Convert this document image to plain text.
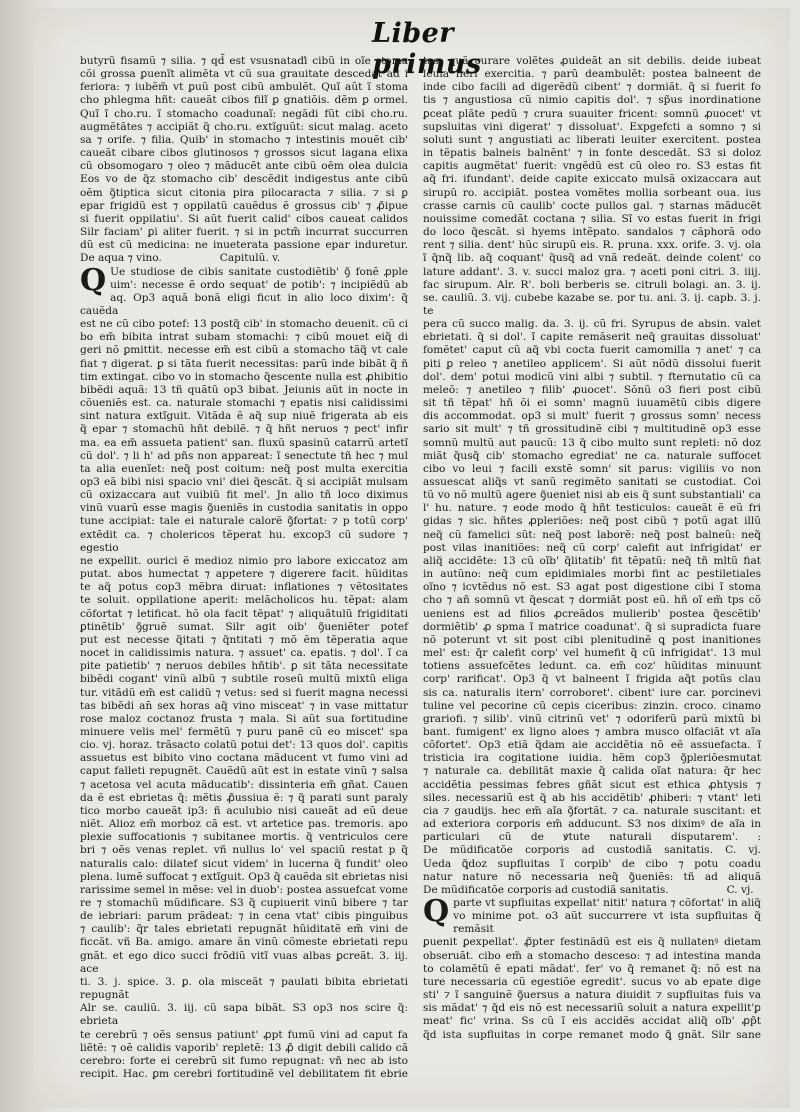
Liber primus

butyrũ fisamũ ⁊ silia. ⁊ qd̃ est vsusnataďi cibũ in oĩe stoma

cõi grossa ꝑuenĩt alimẽta vt cũ sua grauitate descedat ad i

feriora: ⁊ iubẽm̃ vt ꝑuũ post cibũ ambulẽt. Quĩ aũt ĩ stoma

cho phlegma hñt: caueãt cibos filĩ ꝑ gnatiõis. dẽm ꝑ ormel.

Quĩ ĩ cho.ru. ĩ stomacho coadunaĩ: negãdi fũt cibi cho.ru.

augmẽtãtes ⁊ accipiãt q̃ cho.ru. extĩguũt: sicut malag. aceto

sa ⁊ orife. ⁊ filia. Quib' in stomacho ⁊ intestinis mouẽt cib'

caueãt cibare cibos glutinosos ⁊ grossos sicut lagana elixa

cũ obsomogaro ⁊ oleo ⁊ mãducẽt ante cibũ oẽm olea dulcia

Eos vo de q̃z stomacho cib' descẽdit indigestus ante cibũ

oẽm ꝯ̃tiptica sicut citonia pira pilocaracta ⁊ silia. ⁊ si ꝑ

epar frigidũ est ⁊ oppilatũ cauẽdus ẽ grossus cib' ⁊ ꝓ̃ipue

si fuerit oppilatiu'. Si aũt fuerit calid' cibos caueat calidos

Silr faciam' ꝑi aliter fuerit. ⁊ si in pctm̃ incurrat succurren

dũ est cũ medicina: ne inueterata passione epar induretur.

De aqua ⁊ vino.	Capitulũ. v.

Q Ue studiose de cibis sanitate custodiẽtib' ꝯ̃ fonẽ ꝓple

uim': necesse ẽ ordo sequat' de potib': ⁊ incipiẽdũ ab

aq. Op3 aquã bonã eligi ficut in alio loco dixim': q̃ cauẽda

est ne cũ cibo potef: 13 postq̃ cib' in stomacho deuenit. cũ ci

bo em̃ bibita intrat subam stomachi: ⁊ cibũ mouet eiq̃ di

geri nõ ꝑmittit. necesse em̃ est cibũ a stomacho tãq̃ vt cale

fiat ⁊ digerat. ꝑ si tãta fuerit necessitas: parũ inde bibãt q̃ ñ

tim extingat. cibo vo in stomacho q̃escente nulla est ꝓhibitio

bibẽdi aquã: 13 tñ quãtũ op3 bibat. Jeiunis aũt in nocte in

cõueniẽs est. ca. naturale stomachi ⁊ epatis nisi calidissimi

sint natura extĩguit. Vitãda ẽ aq̃ sup niuẽ frigerata ab eis

q̃ epar ⁊ stomachũ hñt debilẽ. ⁊ q̃ hñt neruos ⁊ pect' infir

ma. ea em̃ assueta patient' san. fluxũ spasinũ catarrũ artetĩ

cũ dol'. ⁊ li h' ad pñs non appareat: ĩ senectute tñ hec ⁊ mul

ta alia euenĩet: neq̃ post coitum: neq̃ post multa exercitia

op3 eã bibi nisi spacio vni' diei q̃escãt. q̃ si accipiãt mulsam

cũ oxizaccara aut vuibiũ fit mel'. Jn alio tñ loco diximus

vinũ vuarũ esse magis ꝯ̃ueniẽs in custodia sanitatis in oppo

tune accipiat: tale ei naturale calorẽ ꝯ̃fortat: ⁊ p totũ corp'

extẽdit ca. ⁊ cholericos tẽperat hu. excop3 cũ sudore ⁊ egestio

ne expellit. ourici ẽ medioz nimio pro labore exiccatoz am

putat. abos humectat ⁊ appetere ⁊ digerere facit. hũiditas

te aq̃ potus cop3 mẽbra diruat: inflationes ⁊ vẽtositates

te soluit. oppilatione aperit: melãcholicos hu. tẽpat: alam

cõfortat ⁊ letificat. hõ ola facit tẽpat' ⁊ aliquãtulũ frigiditati

ꝑtinẽtib' ꝯ̃gruẽ sumat. Silr agit oib' ꝯ̃ueniẽter potef

put est necesse q̃itati ⁊ q̃ntitati ⁊ mõ ẽm tẽperatia aque

nocet in calidissimis natura. ⁊ assuet' ca. epatis. ⁊ dol'. ĩ ca

pite patietib' ⁊ neruos debiles hñtib'. ꝑ sit tãta necessitate

bibẽdi cogant' vinũ albũ ⁊ subtile roseũ multũ mixtũ eliga

tur. vitãdũ em̃ est calidũ ⁊ vetus: sed si fuerit magna necessi

tas bibẽdi an̄ sex horas aq̃ vino misceat' ⁊ in vase mittatur

rose maloz coctanoz frusta ⁊ mala. Si aũt sua fortitudine

minuere velis mel' fermẽtũ ⁊ puru panẽ cũ eo miscet' spa

cio. vj. horaz. trãsacto colatũ potui det': 13 quos dol'. capitis

assuetus est bibito vino coctana mãducent vt fumo vini ad

caput falleti repugnẽt. Cauẽdũ aũt est in estate vinũ ⁊ salsa

⁊ acetosa vel acuta mãducatib': dissinteria em̃ gñat. Cauen

da ẽ est ebrietas q̃: mẽtis ꝓ̃ussiua ẽ: ⁊ q̃ parati sunt paraly

tico morbo caueãt ip3: ñ aculubio nisi caueãt ad eũ deue

niẽt. Alioz em̃ morboz cã est. vt artetice pas. tremoris. apo

plexie suffocationis ⁊ subitanee mortis. q̃ ventriculos cere

bri ⁊ oẽs venas replet. vñ nullus lo' vel spaciũ restat p q̃

naturalis calo: dilatef sicut videm' in lucerna q̃ fundit' oleo

plena. lumẽ suffocat ⁊ extĩguit. Op3 q̃ cauẽda sit ebrietas nisi

rarissime semel in mẽse: vel in duob': postea assuefcat vome

re ⁊ stomachũ mũdificare. S3 q̃ cupiuerit vinũ bibere ⁊ tar

de iebriari: parum prãdeat: ⁊ in cena vtat' cibis pinguibus

⁊ caulib': q̃r tales ebrietati repugnãt hũiditatẽ em̃ vini de

ficcãt. vñ Ba. amigo. amare ãn vinũ cõmeste ebrietati repu

gnãt. et ego dico succi frõdiũ vitĩ vuas albas ꝑcreãt. 3. iij. ace

ti. 3. j. spice. 3. ꝑ. ola misceãt ⁊ paulati bibita ebrietati repugnãt

Alr se. cauliũ. 3. iij. cũ sapa bibãt. S3 op3 nos scire q̃: ebrieta

te cerebrũ ⁊ oẽs sensus patiunt' ꝓpt fumũ vini ad caput fa

liẽtẽ: ⁊ oẽ calidis vaporib' repletẽ: 13 ꝓ̃ digit debili calido cã

cerebro: forte ei cerebrũ sit fumo repugnat: vñ nec ab isto

recipit. Hac. ꝑm cerebri fortitudinẽ vel debilitatem fit ebrie

tas: quã curare volẽtes ꝓuideãt an sit debilis. deide iubeat

leuia fieri exercitia. ⁊ parũ deambulẽt: postea balneent de

inde cibo facili ad digerẽdũ cibent' ⁊ dormiãt. q̃ si fuerit fo

tis ⁊ angustiosa cũ nimio capitis dol'. ⁊ sp̃us inordinatione

ꝑceat plãte pedũ ⁊ crura suauiter fricent: somnũ ꝓuocet' vt

supsluitas vini digerat' ⁊ dissoluat'. Expgefcti a somno ⁊ si

soluti sunt ⁊ angustiati ac liberati leuiter exercitent. postea

in tẽpatis balneis balnẽnt' ⁊ in fonte descedãt. S3 si doloz

capitis augmẽtat' fuerit: vngẽdũ est cũ oleo ro. S3 estas fit

aq̃ fri. ifundant'. deide capite exiccato mulsã oxizaccara aut

sirupũ ro. accipiãt. postea vomẽtes mollia sorbeant oua. ius

crasse carnis cũ caulib' cocte pullos gal. ⁊ starnas mãducẽt

nouissime comedãt coctana ⁊ silia. Sĩ vo estas fuerit in frigi

do loco q̃escãt. si hyems intẽpato. sandalos ⁊ cãphorã odo

rent ⁊ silia. dent' hũc sirupũ eis. R. pruna. xxx. orife. 3. vj. ola

ĩ q̃nq̃ lib. aq̃ coquant' q̃usq̃ ad vnã redeãt. deinde colent' co

lature addant'. 3. v. succi maloz gra. ⁊ aceti poni citri. 3. iiij.

fac sirupum. Alr. R'. boli berberis se. citruli bolagi. an. 3. ij.

se. cauliũ. 3. vij. cubebe kazabe se. por tu. ani. 3. ij. capb. 3. j. te

pera cũ succo malig. da. 3. ij. cũ fri. Syrupus de absin. valet

ebrietati. q̃ si dol'. ĩ capite remãserit neq̃ grauitas dissoluat'

fomẽtet' caput cũ aq̃ vbi cocta fuerit camomilla ⁊ anet' ⁊ ca

piti ꝑ releo ⁊ anetileo applicem'. Si aũt nõdũ dissolui fuerit

dol'. dem' potui modicũ vini albi ⁊ subtil. ⁊ fternutatio cũ ca

meleõ: ⁊ anetileo ⁊ filib' ꝓuocet'. Sõnũ o3 fieri post cibũ

sit tñ tẽpat' hñ õi ei somn' magnũ iuuamẽtũ cibis digere

dis accommodat. op3 si mult' fuerit ⁊ grossus somn' necess

sario sit mult' ⁊ tñ grossitudinẽ cibi ⁊ multitudinẽ op3 esse

somnũ multũ aut paucũ: 13 q̃ cibo multo sunt repleti: nõ doz

miãt q̃usq̃ cib' stomacho egrediat' ne ca. naturale suffocet

cibo vo leui ⁊ facili exstẽ somn' sit parus: vigiliis vo non

assuescat aliq̃s vt sanũ regimẽto sanitati se custodiat. Coi

tũ vo nõ multũ agere ꝯ̃ueniet nisi ab eis q̃ sunt substantiali' ca

l' hu. nature. ⁊ eode modo q̃ hñt testiculos: caueãt ẽ eũ fri

gidas ⁊ sic. hñtes ꝓpleriões: neq̃ post cibũ ⁊ potũ agat illũ

neq̃ cũ famelici sũt: neq̃ post laborẽ: neq̃ post balneũ: neq̃

post vilas inanitiões: neq̃ cũ corp' calefit aut infrigidat' er

aliq̃ accidẽte: 13 cũ oĩb' q̃litatib' fit tẽpatũ: neq̃ tñ mltũ fiat

in autũno: neq̃ cum epidimiales morbi fint ac pestiletiales

oĩno ⁊ icvtẽdus nõ est. S3 agat post digestione cibi ĩ stoma

cho ⁊ añ somnũ vt q̃escat ⁊ dormiãt post eũ. hñ oĩ em̃ tps cõ

ueniens est ad filios ꝓcreãdos mulierib' postea q̃escẽtib'

dormiẽtib' ꝓ spma ĩ matrice coadunat'. q̃ si supradicta fuare

nõ poterunt vt sit post cibi plenitudinẽ ꝗ post inanitiones

mel' est: q̃r calefit corp' vel humefit q̃ cũ infrigidat'. 13 mul

totiens assuefcẽtes ledunt. ca. em̃ coz' hũiditas minuunt

corp' rarificat'. Op3 q̃ vt balneent ĩ frigida aq̃t potũs clau

sis ca. naturalis itern' corroboret'. cibent' iure car. porcinevi

tuline vel pecorine cũ cepis ciceribus: zinzin. croco. cinamo

grariofi. ⁊ silib'. vinũ citrinũ vet' ⁊ odoriferũ parũ mixtũ bi

bant. fumigent' ex ligno aloes ⁊ ambra musco olfaciãt vt aĩa

cõfortet'. Op3 etiã q̃dam aie accidẽtia nõ eẽ assuefacta. ĩ

tristicia ira cogitatione iuidia. hẽm cop3 ꝯ̃pleriõesmutat

⁊ naturale ca. debilitãt maxie q̃ calida oĩat natura: q̃r hec

accidẽtia pessimas febres gñãt sicut est ethica ꝓhtysis ⁊

siles. necessariũ est q̃ ab his accidẽtib' ꝓhiberi: ⁊ vtant' leti

cia ⁊ gaudijs. hec em̃ aĩa ꝯ̃fortãt. ⁊ ca. naturale suscitant: et

ad exteriora corporis em̃ adducunt. S3 nos diximꝰ de aĩa in

particulari cũ de ꝟtute naturali disputarem'. :

De mũdificatõe corporis ad custodiã sanitatis. C. vj.

Ueda ꝗ̃doz supfluitas ĩ corpib' de cibo ⁊ potu coadu

natur nature nõ necessaria neq̃ ꝯ̃ueniẽs: tñ ad aliquã

De mũdificatõe corporis ad custodiã sanitatis.	C. vj.

Qparte vt supfluitas expellat' nitit' natura ⁊ cõfortat' in aliq̃

vo minime pot. o3 aũt succurrere vt ista supfluitas q̃ remãsit

ꝑuenit ꝑexpellat'. ꝓ̃pter festinãdũ est eis q̃ nullatenꝰ dietam

obseruãt. cibo em̃ a stomacho desceso: ⁊ ad intestina manda

to colamẽtũ ẽ epati mãdat'. fer' vo q̃ remanet q̃: nõ est na

ture necessaria cũ egestiõe egredit'. sucus vo ab epate dige

sti' ⁊ ĩ sanguinẽ ꝯ̃uersus a natura diuidit ⁊ supfluitas fuis va

sis mãdat' ⁊ q̃d eis nõ est necessariũ soluit a natura expellit'ꝑ

meat' fic' vrina. Ss cũ ĩ eis accidẽs accidat aliq̃ oĩb' ꝓp̃t

q̃d ista supfluitas in corpe remanet modo ꝗ̃ gnãt. Silr sane
